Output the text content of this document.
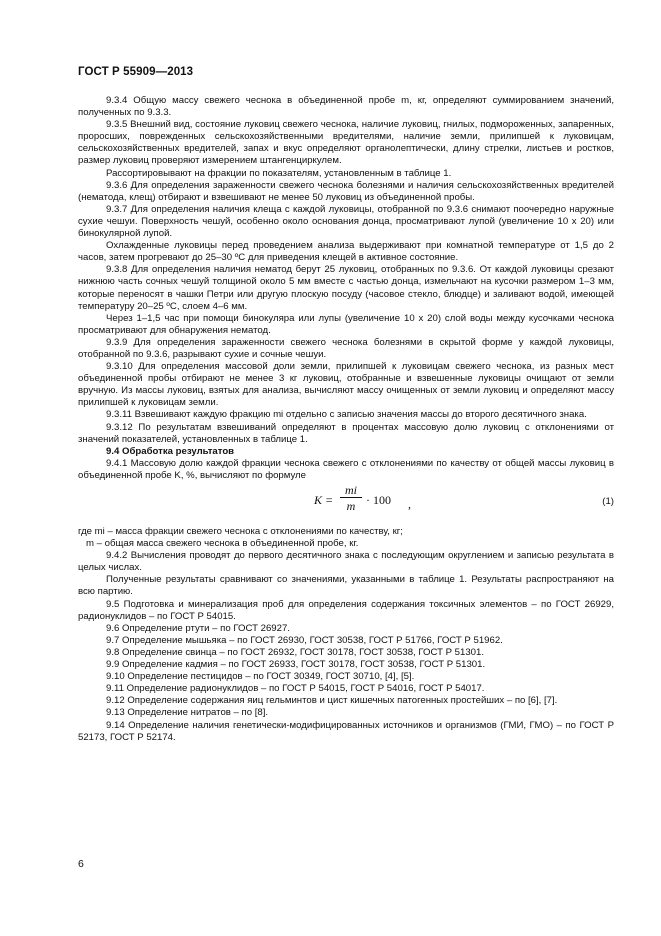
ГОСТ Р 55909—2013

9.3.4 Общую массу свежего чеснока в объединенной пробе m, кг, определяют суммированием значений, полученных по 9.3.3.

9.3.5 Внешний вид, состояние луковиц свежего чеснока, наличие луковиц, гнилых, подмороженных, запаренных, проросших, поврежденных сельскохозяйственными вредителями, наличие земли, прилипшей к луковицам, сельскохозяйственных вредителей, запах и вкус определяют органолептически, длину стрелки, листьев и ростков, размер луковиц проверяют измерением штангенциркулем.

Рассортировывают на фракции по показателям, установленным в таблице 1.

9.3.6 Для определения зараженности свежего чеснока болезнями и наличия сельскохозяйственных вредителей (нематода, клещ) отбирают и взвешивают не менее 50 луковиц из объединенной пробы.

9.3.7 Для определения наличия клеща с каждой луковицы, отобранной по 9.3.6 снимают поочередно наружные сухие чешуи. Поверхность чешуй, особенно около основания донца, просматривают лупой (увеличение 10 х 20) или бинокулярной лупой.

Охлажденные луковицы перед проведением анализа выдерживают при комнатной температуре от 1,5 до 2 часов, затем прогревают до 25–30 ºС для приведения клещей в активное состояние.

9.3.8 Для определения наличия нематод берут 25 луковиц, отобранных по 9.3.6. От каждой луковицы срезают нижнюю часть сочных чешуй толщиной около 5 мм вместе с частью донца, измельчают на кусочки размером 1–3 мм, которые переносят в чашки Петри или другую плоскую посуду (часовое стекло, блюдце) и заливают водой, имеющей температуру 20–25 ºС, слоем 4–6 мм.

Через 1–1,5 час при помощи бинокуляра или лупы (увеличение 10 х 20) слой воды между кусочками чеснока просматривают для обнаружения нематод.

9.3.9 Для определения зараженности свежего чеснока болезнями в скрытой форме у каждой луковицы, отобранной по 9.3.6, разрывают сухие и сочные чешуи.

9.3.10 Для определения массовой доли земли, прилипшей к луковицам свежего чеснока, из разных мест объединенной пробы отбирают не менее 3 кг луковиц, отобранные и взвешенные луковицы очищают от земли вручную. Из массы луковиц, взятых для анализа, вычисляют массу очищенных от земли луковиц и определяют массу прилипшей к луковицам земли.

9.3.11 Взвешивают каждую фракцию mi отдельно с записью значения массы до второго десятичного знака.

9.3.12 По результатам взвешиваний определяют в процентах массовую долю луковиц с отклонениями от значений показателей, установленных в таблице 1.

9.4 Обработка результатов

9.4.1 Массовую долю каждой фракции чеснока свежего с отклонениями по качеству от общей массы луковиц в объединенной пробе K, %, вычисляют по формуле

$K = \frac{mi}{m} \cdot 100$ ,	(1)

где mi – масса фракции свежего чеснока с отклонениями по качеству, кг;

m – общая масса свежего чеснока в объединенной пробе, кг.

9.4.2 Вычисления проводят до первого десятичного знака с последующим округлением и записью результата в целых числах.

Полученные результаты сравнивают со значениями, указанными в таблице 1. Результаты распространяют на всю партию.

9.5 Подготовка и минерализация проб для определения содержания токсичных элементов – по ГОСТ 26929, радионуклидов – по ГОСТ Р 54015.

9.6 Определение ртути – по ГОСТ 26927.

9.7 Определение мышьяка – по ГОСТ 26930, ГОСТ 30538, ГОСТ Р 51766, ГОСТ Р 51962.

9.8 Определение свинца – по ГОСТ 26932, ГОСТ 30178, ГОСТ 30538, ГОСТ Р 51301.

9.9 Определение кадмия – по ГОСТ 26933, ГОСТ 30178, ГОСТ 30538, ГОСТ Р 51301.

9.10 Определение пестицидов – по ГОСТ 30349, ГОСТ 30710, [4], [5].

9.11 Определение радионуклидов – по ГОСТ Р 54015, ГОСТ Р 54016, ГОСТ Р 54017.

9.12 Определение содержания яиц гельминтов и цист кишечных патогенных простейших – по [6], [7].

9.13 Определение нитратов – по [8].

9.14 Определение наличия генетически-модифицированных источников и организмов (ГМИ, ГМО) – по ГОСТ Р 52173, ГОСТ Р 52174.

6
